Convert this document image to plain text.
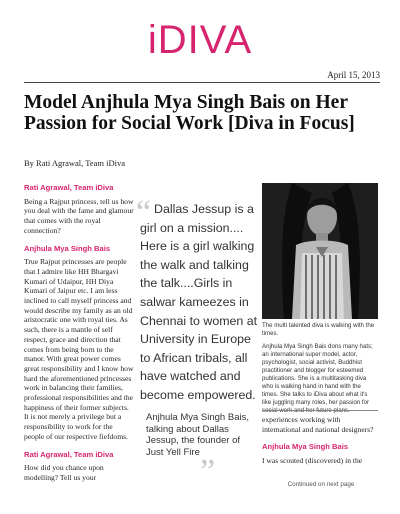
iDIVA
April 15, 2013
Model Anjhula Mya Singh Bais on Her Passion for Social Work [Diva in Focus]
By Rati Agrawal, Team iDiva
Rati Agrawal, Team iDiva

Being a Rajput princess, tell us how you deal with the fame and glamour that comes with the royal connection?

Anjhula Mya Singh Bais

True Rajput princesses are people that I admire like HH Bhargavi Kumari of Udaipur, HH Diya Kumari of Jaipur etc. I am less inclined to call myself princess and would describe my family as an old aristocratic one with royal ties. As such, there is a mantle of self respect, grace and direction that comes from being born to the manor. With great power comes great responsibility and I know how hard the aforementioned princesses work in balancing their families, professional responsibilities and the happiness of their former subjects. It is not merely a privilege but a responsibility to work for the people of our respective fiefdoms.

Rati Agrawal, Team iDiva

How did you chance upon modelling? Tell us your

“ Dallas Jessup is a girl on a mission.... Here is a girl walking the walk and talking the talk....Girls in salwar kameezes in Chennai to women at University in Europe to African tribals, all have watched and become empowered.

”
Anjhula Mya Singh Bais, talking about Dallas Jessup, the founder of Just Yell Fire

The multi talented diva is walking with the times.

Anjhula Mya Singh Bais dons many hats; an international super model, actor, psychologist, social activist, Buddhist practitioner and blogger for esteemed publications. She is a multitasking diva who is walking hand in hand with the times. She talks to iDiva about what it's like juggling many roles, her passion for social work and her future plans.

experiences working with international and national designers?

Anjhula Mya Singh Bais

I was scouted (discovered) in the

Continued on next page
